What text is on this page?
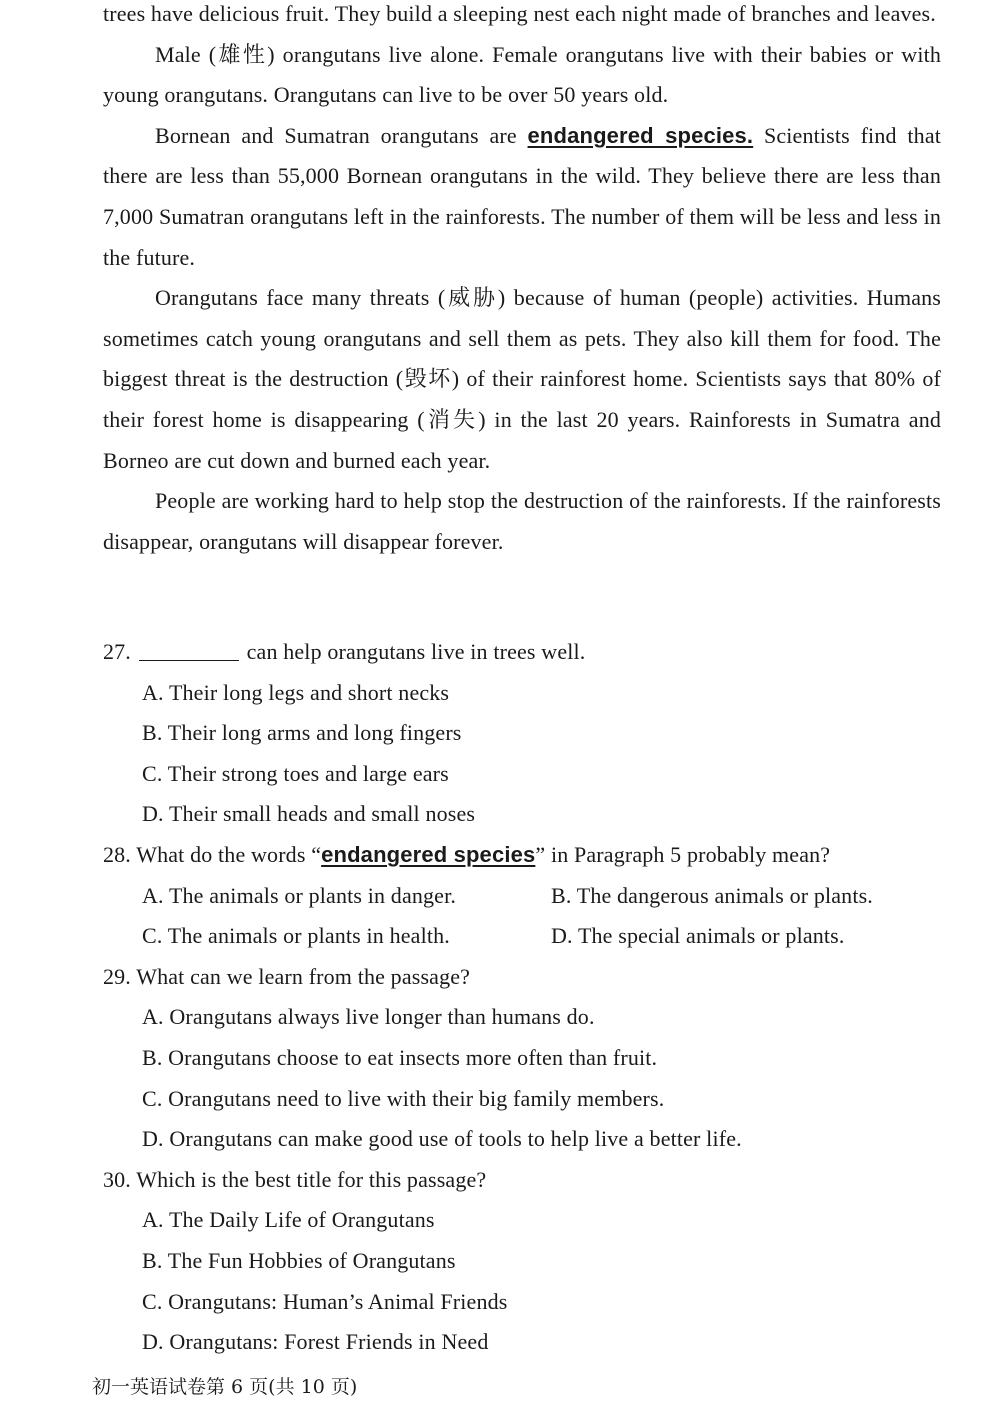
trees have delicious fruit. They build a sleeping nest each night made of branches and leaves.

Male (雄性) orangutans live alone. Female orangutans live with their babies or with young orangutans. Orangutans can live to be over 50 years old.

Bornean and Sumatran orangutans are endangered species. Scientists find that there are less than 55,000 Bornean orangutans in the wild. They believe there are less than 7,000 Sumatran orangutans left in the rainforests. The number of them will be less and less in the future.

Orangutans face many threats (威胁) because of human (people) activities. Humans sometimes catch young orangutans and sell them as pets. They also kill them for food. The biggest threat is the destruction (毁坏) of their rainforest home. Scientists says that 80% of their forest home is disappearing (消失) in the last 20 years. Rainforests in Sumatra and Borneo are cut down and burned each year.

People are working hard to help stop the destruction of the rainforests. If the rainforests disappear, orangutans will disappear forever.

27.	can help orangutans live in trees well.
A. Their long legs and short necks
B. Their long arms and long fingers
C. Their strong toes and large ears
D. Their small heads and small noses
28. What do the words “endangered species” in Paragraph 5 probably mean?
A. The animals or plants in danger.	B. The dangerous animals or plants.
C. The animals or plants in health.	D. The special animals or plants.
29. What can we learn from the passage?
A. Orangutans always live longer than humans do.
B. Orangutans choose to eat insects more often than fruit.
C. Orangutans need to live with their big family members.
D. Orangutans can make good use of tools to help live a better life.
30. Which is the best title for this passage?
A. The Daily Life of Orangutans
B. The Fun Hobbies of Orangutans
C. Orangutans: Human’s Animal Friends
D. Orangutans: Forest Friends in Need
初一英语试卷第 6 页(共 10 页)
